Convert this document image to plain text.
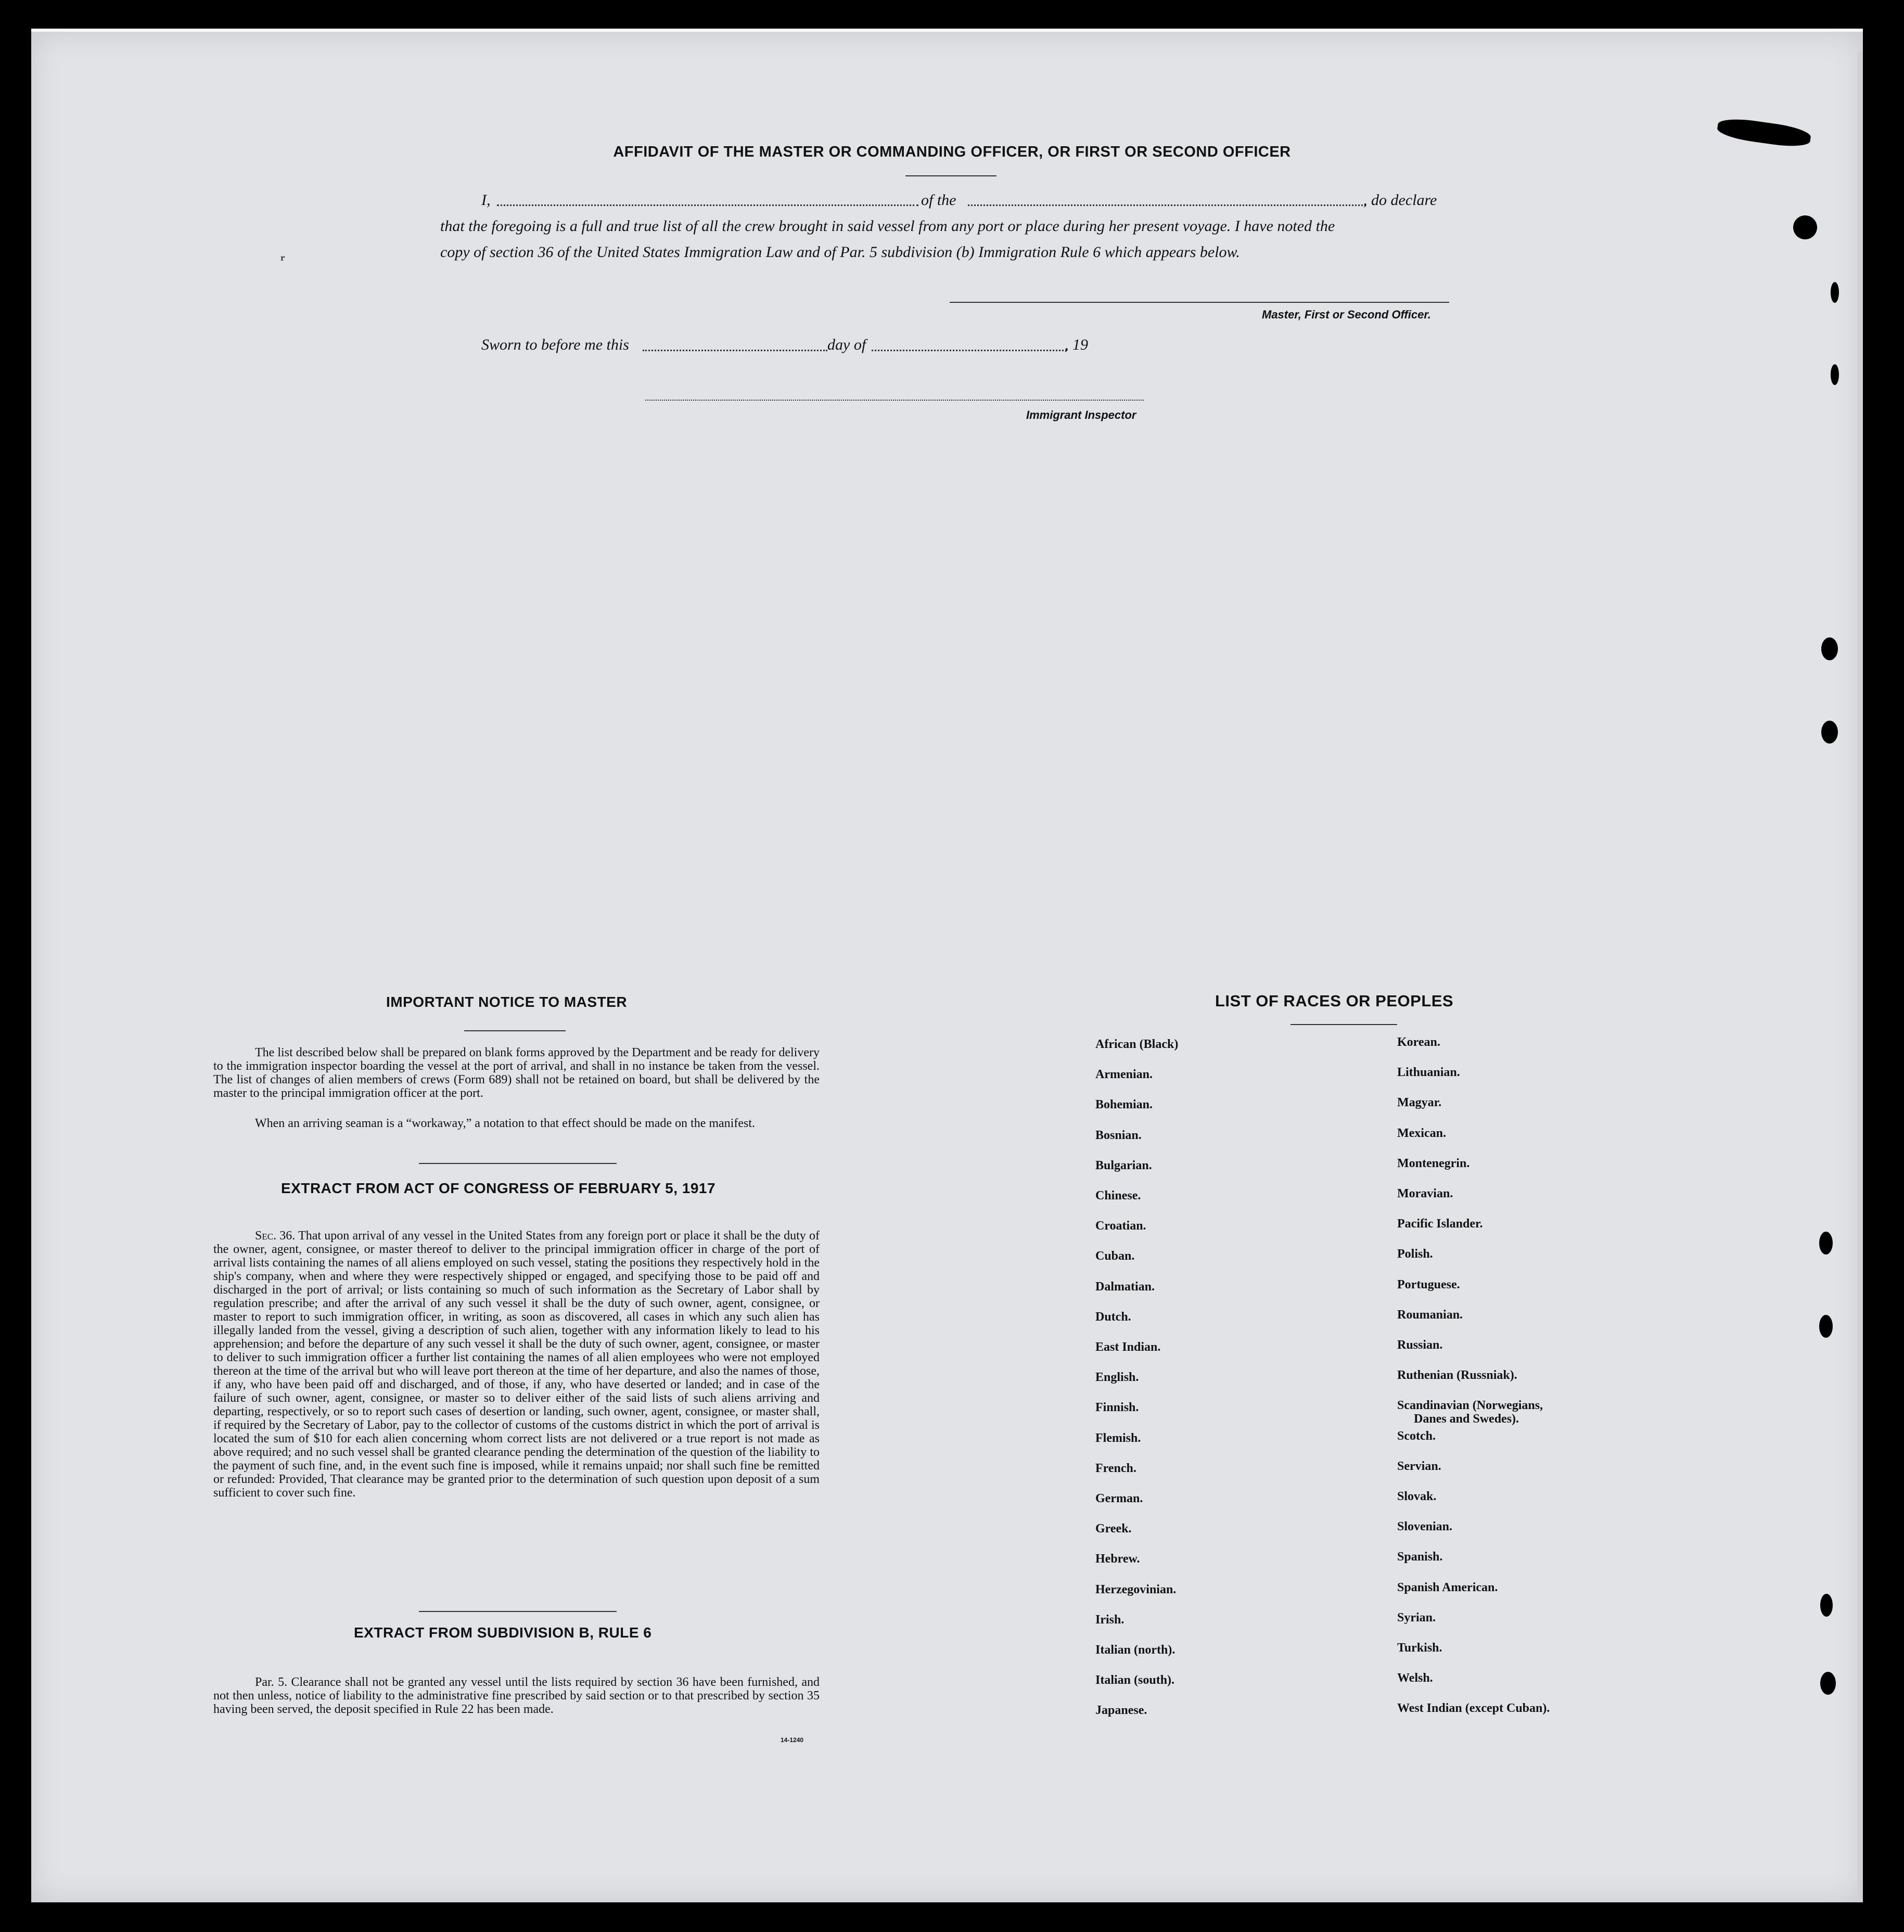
ꝗ᷊
AFFIDAVIT OF THE MASTER OR COMMANDING OFFICER, OR FIRST OR SECOND OFFICER
I,	of the	, do declare
that the foregoing is a full and true list of all the crew brought in said vessel from any port or place during her present voyage. I have noted the
copy of section 36 of the United States Immigration Law and of Par. 5 subdivision (b) Immigration Rule 6 which appears below.
Master, First or Second Officer.
Sworn to before me this	day of	, 19
Immigrant Inspector
IMPORTANT NOTICE TO MASTER
The list described below shall be prepared on blank forms approved by the Department and be ready for delivery to the immigration inspector boarding the vessel at the port of arrival, and shall in no instance be taken from the vessel. The list of changes of alien members of crews (Form 689) shall not be retained on board, but shall be delivered by the master to the principal immigration officer at the port.
When an arriving seaman is a “workaway,” a notation to that effect should be made on the manifest.
EXTRACT FROM ACT OF CONGRESS OF FEBRUARY 5, 1917
Sec. 36. That upon arrival of any vessel in the United States from any foreign port or place it shall be the duty of the owner, agent, consignee, or master thereof to deliver to the principal immigration officer in charge of the port of arrival lists containing the names of all aliens employed on such vessel, stating the positions they respectively hold in the ship's company, when and where they were respectively shipped or engaged, and specifying those to be paid off and discharged in the port of arrival; or lists containing so much of such information as the Secretary of Labor shall by regulation prescribe; and after the arrival of any such vessel it shall be the duty of such owner, agent, consignee, or master to report to such immigration officer, in writing, as soon as discovered, all cases in which any such alien has illegally landed from the vessel, giving a description of such alien, together with any information likely to lead to his apprehension; and before the departure of any such vessel it shall be the duty of such owner, agent, consignee, or master to deliver to such immigration officer a further list containing the names of all alien employees who were not employed thereon at the time of the arrival but who will leave port thereon at the time of her departure, and also the names of those, if any, who have been paid off and discharged, and of those, if any, who have deserted or landed; and in case of the failure of such owner, agent, consignee, or master so to deliver either of the said lists of such aliens arriving and departing, respectively, or so to report such cases of desertion or landing, such owner, agent, consignee, or master shall, if required by the Secretary of Labor, pay to the collector of customs of the customs district in which the port of arrival is located the sum of $10 for each alien concerning whom correct lists are not delivered or a true report is not made as above required; and no such vessel shall be granted clearance pending the determination of the question of the liability to the payment of such fine, and, in the event such fine is imposed, while it remains unpaid; nor shall such fine be remitted or refunded: Provided, That clearance may be granted prior to the determination of such question upon deposit of a sum sufficient to cover such fine.
EXTRACT FROM SUBDIVISION B, RULE 6
Par. 5. Clearance shall not be granted any vessel until the lists required by section 36 have been furnished, and not then unless, notice of liability to the administrative fine prescribed by said section or to that prescribed by section 35 having been served, the deposit specified in Rule 22 has been made.
14-1240
LIST OF RACES OR PEOPLES
African (Black)
Armenian.
Bohemian.
Bosnian.
Bulgarian.
Chinese.
Croatian.
Cuban.
Dalmatian.
Dutch.
East Indian.
English.
Finnish.
Flemish.
French.
German.
Greek.
Hebrew.
Herzegovinian.
Irish.
Italian (north).
Italian (south).
Japanese.
Korean.
Lithuanian.
Magyar.
Mexican.
Montenegrin.
Moravian.
Pacific Islander.
Polish.
Portuguese.
Roumanian.
Russian.
Ruthenian (Russniak).
Scandinavian (Norwegians,
Danes and Swedes).
Scotch.
Servian.
Slovak.
Slovenian.
Spanish.
Spanish American.
Syrian.
Turkish.
Welsh.
West Indian (except Cuban).
